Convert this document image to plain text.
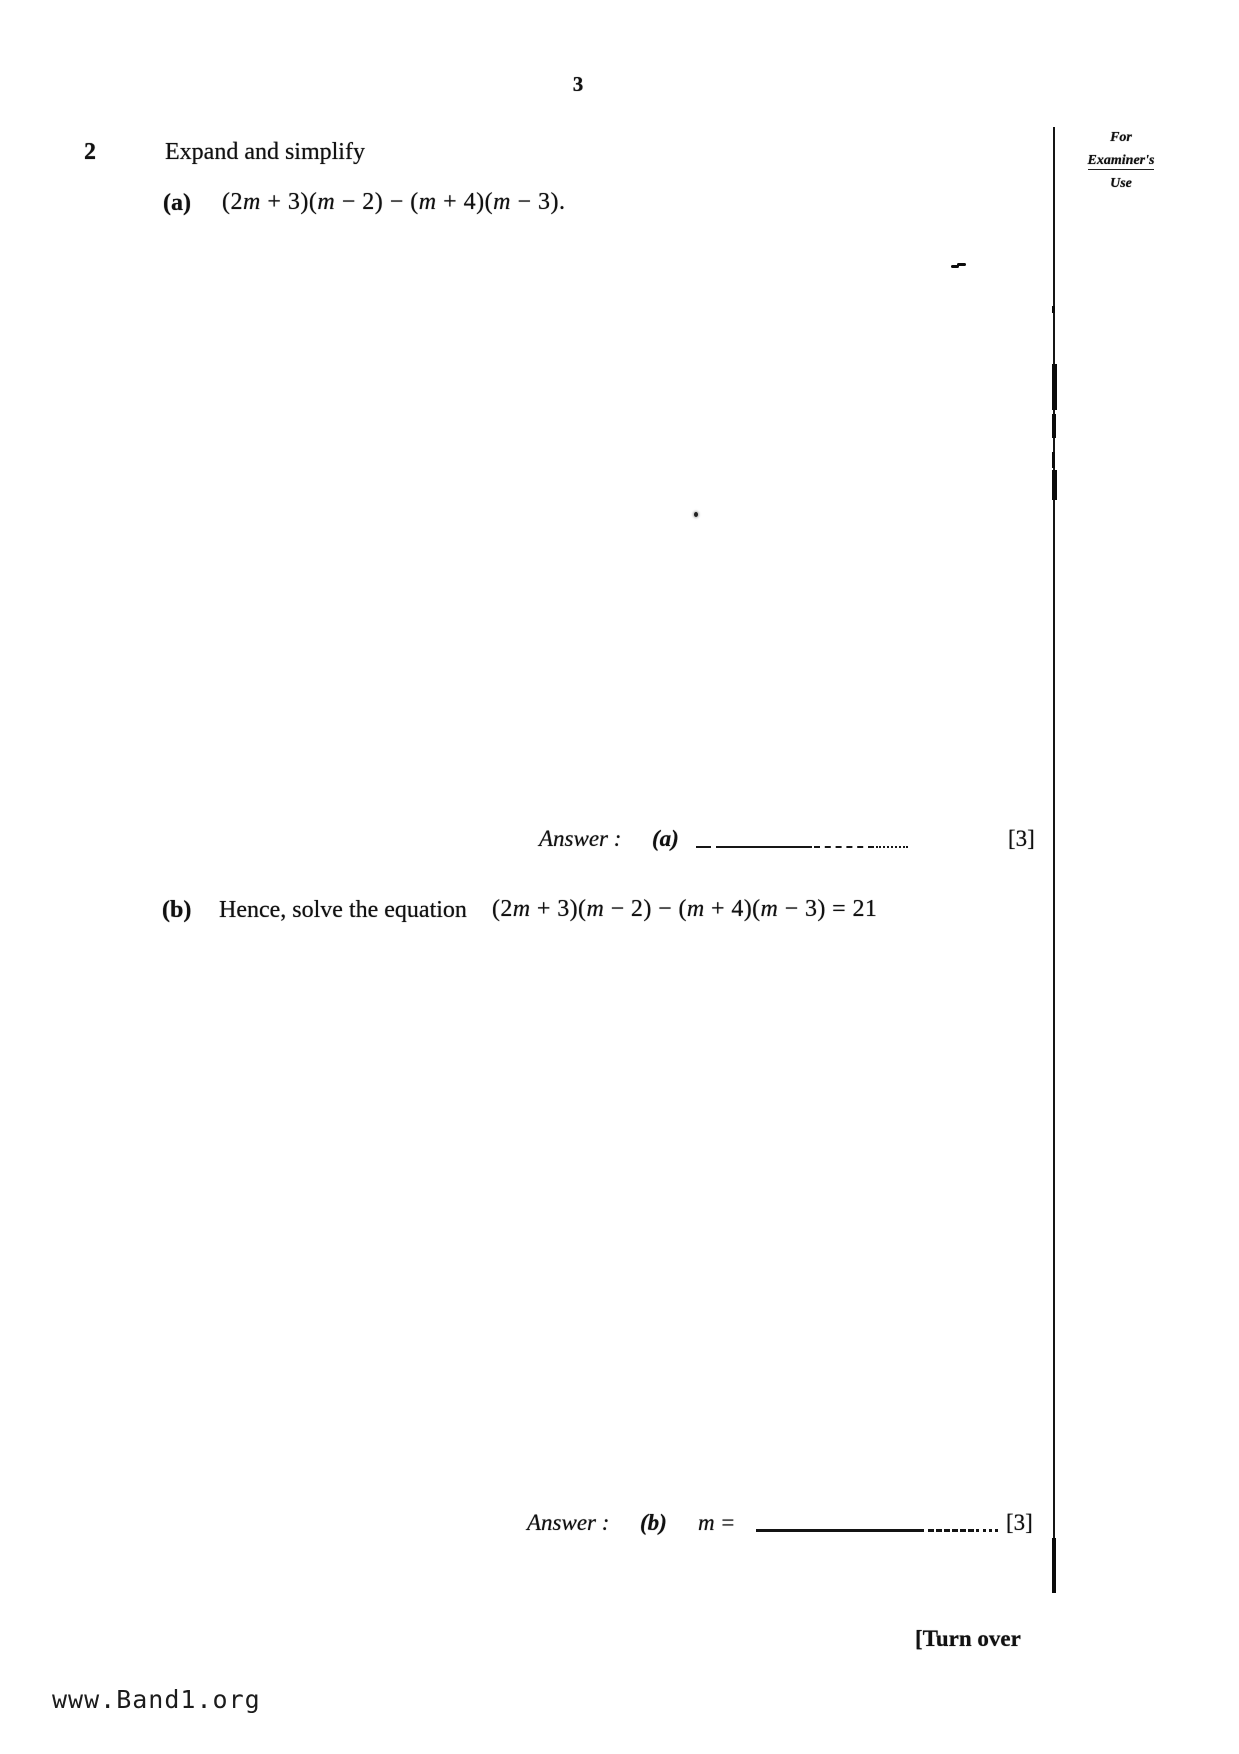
3
2	Expand and simplify
(a) (2m + 3)(m − 2) − (m + 4)(m − 3).
Answer : (a)	[3]
(b) Hence, solve the equation (2m + 3)(m − 2) − (m + 4)(m − 3) = 21
Answer : (b) m =	[3]
For
Examiner's
Use
[Turn over
www.Band1.org
